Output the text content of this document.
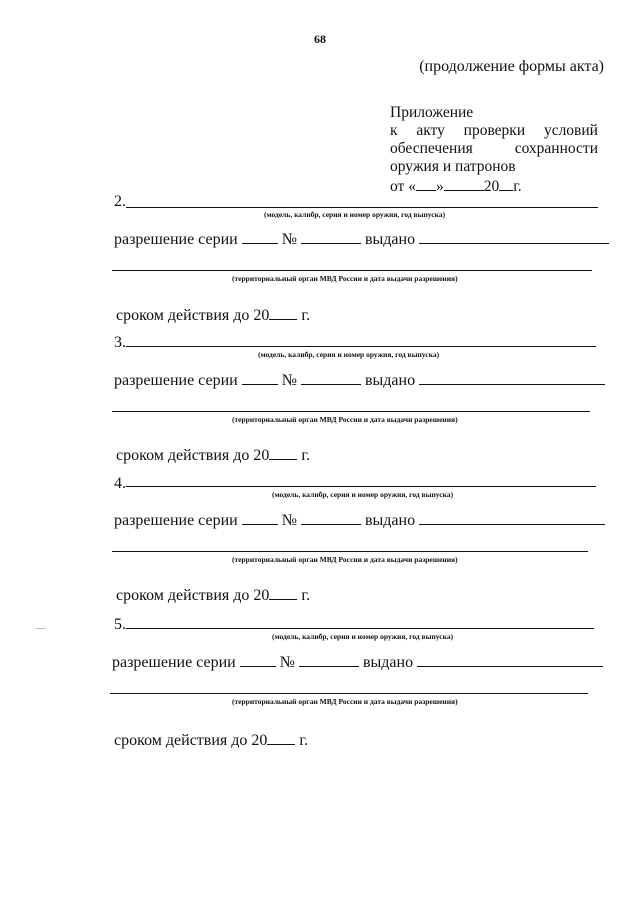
68
(продолжение формы акта)
Приложение
к акту проверки условий
обеспечения	сохранности
оружия и патронов
от « »	20 г.
2.
(модель, калибр, серия и номер оружия, год выпуска)
разрешение серии	№	выдано
(территориальный орган МВД России и дата выдачи разрешения)
сроком действия до 20 г.
3.
(модель, калибр, серия и номер оружия, год выпуска)
разрешение серии	№	выдано
(территориальный орган МВД России и дата выдачи разрешения)
сроком действия до 20 г.
4.
(модель, калибр, серия и номер оружия, год выпуска)
разрешение серии	№	выдано
(территориальный орган МВД России и дата выдачи разрешения)
сроком действия до 20 г.
5.
(модель, калибр, серия и номер оружия, год выпуска)
разрешение серии	№	выдано
(территориальный орган МВД России и дата выдачи разрешения)
сроком действия до 20 г.
